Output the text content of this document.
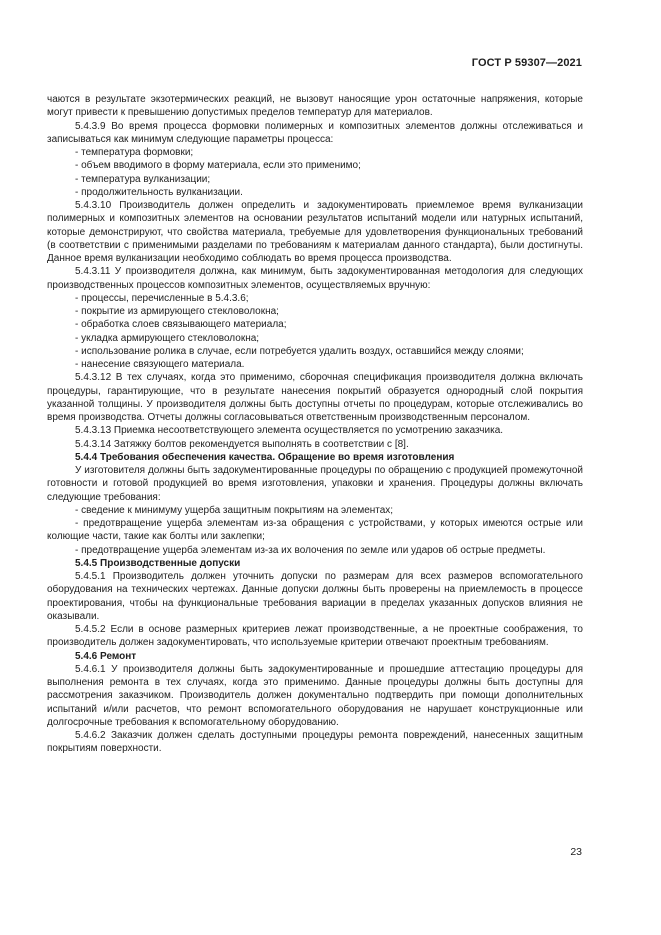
ГОСТ Р 59307—2021

чаются в результате экзотермических реакций, не вызовут наносящие урон остаточные напряжения, которые могут привести к превышению допустимых пределов температур для материалов.

5.4.3.9 Во время процесса формовки полимерных и композитных элементов должны отслеживаться и записываться как минимум следующие параметры процесса:

- температура формовки;

- объем вводимого в форму материала, если это применимо;

- температура вулканизации;

- продолжительность вулканизации.

5.4.3.10 Производитель должен определить и задокументировать приемлемое время вулканизации полимерных и композитных элементов на основании результатов испытаний модели или натурных испытаний, которые демонстрируют, что свойства материала, требуемые для удовлетворения функциональных требований (в соответствии с применимыми разделами по требованиям к материалам данного стандарта), были достигнуты. Данное время вулканизации необходимо соблюдать во время процесса производства.

5.4.3.11 У производителя должна, как минимум, быть задокументированная методология для следующих производственных процессов композитных элементов, осуществляемых вручную:

- процессы, перечисленные в 5.4.3.6;

- покрытие из армирующего стекловолокна;

- обработка слоев связывающего материала;

- укладка армирующего стекловолокна;

- использование ролика в случае, если потребуется удалить воздух, оставшийся между слоями;

- нанесение связующего материала.

5.4.3.12 В тех случаях, когда это применимо, сборочная спецификация производителя должна включать процедуры, гарантирующие, что в результате нанесения покрытий образуется однородный слой покрытия указанной толщины. У производителя должны быть доступны отчеты по процедурам, которые отслеживались во время производства. Отчеты должны согласовываться ответственным производственным персоналом.

5.4.3.13 Приемка несоответствующего элемента осуществляется по усмотрению заказчика.

5.4.3.14 Затяжку болтов рекомендуется выполнять в соответствии с [8].

5.4.4 Требования обеспечения качества. Обращение во время изготовления

У изготовителя должны быть задокументированные процедуры по обращению с продукцией промежуточной готовности и готовой продукцией во время изготовления, упаковки и хранения. Процедуры должны включать следующие требования:

- сведение к минимуму ущерба защитным покрытиям на элементах;

- предотвращение ущерба элементам из-за обращения с устройствами, у которых имеются острые или колющие части, такие как болты или заклепки;

- предотвращение ущерба элементам из-за их волочения по земле или ударов об острые предметы.

5.4.5 Производственные допуски

5.4.5.1 Производитель должен уточнить допуски по размерам для всех размеров вспомогательного оборудования на технических чертежах. Данные допуски должны быть проверены на приемлемость в процессе проектирования, чтобы на функциональные требования вариации в пределах указанных допусков влияния не оказывали.

5.4.5.2 Если в основе размерных критериев лежат производственные, а не проектные соображения, то производитель должен задокументировать, что используемые критерии отвечают проектным требованиям.

5.4.6 Ремонт

5.4.6.1 У производителя должны быть задокументированные и прошедшие аттестацию процедуры для выполнения ремонта в тех случаях, когда это применимо. Данные процедуры должны быть доступны для рассмотрения заказчиком. Производитель должен документально подтвердить при помощи дополнительных испытаний и/или расчетов, что ремонт вспомогательного оборудования не нарушает конструкционные или долгосрочные требования к вспомогательному оборудованию.

5.4.6.2 Заказчик должен сделать доступными процедуры ремонта повреждений, нанесенных защитным покрытиям поверхности.

23
